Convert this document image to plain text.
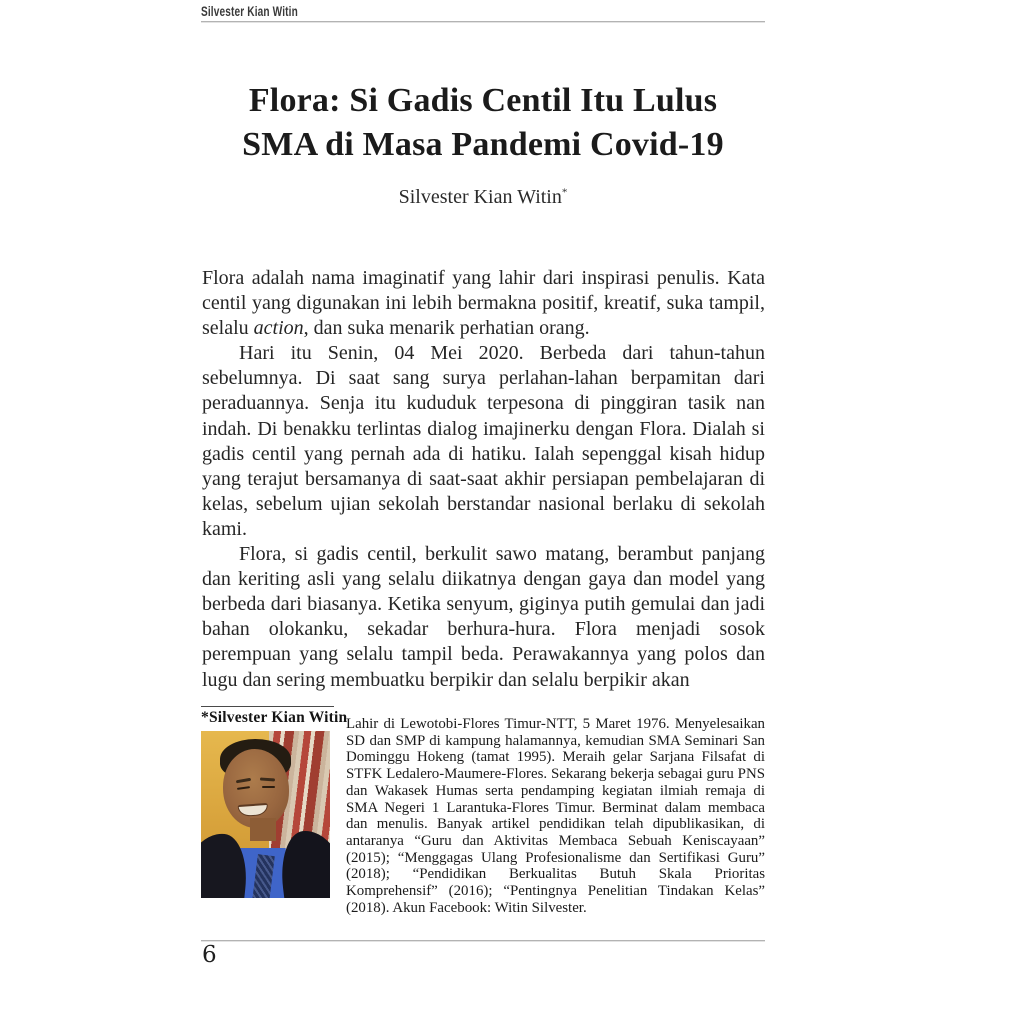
Silvester Kian Witin
Flora: Si Gadis Centil Itu Lulus
SMA di Masa Pandemi Covid-19
Silvester Kian Witin*

Flora adalah nama imaginatif yang lahir dari inspirasi penulis. Kata centil yang digunakan ini lebih bermakna positif, kreatif, suka tampil, selalu action, dan suka menarik perhatian orang.

Hari itu Senin, 04 Mei 2020. Berbeda dari tahun-tahun sebelumnya. Di saat sang surya perlahan-lahan berpamitan dari peraduannya. Senja itu kududuk terpesona di pinggiran tasik nan indah. Di benakku terlintas dialog imajinerku dengan Flora. Dialah si gadis centil yang pernah ada di hatiku. Ialah sepenggal kisah hidup yang terajut bersamanya di saat-saat akhir persiapan pembelajaran di kelas, sebelum ujian sekolah berstandar nasional berlaku di sekolah kami.

Flora, si gadis centil, berkulit sawo matang, berambut panjang dan keriting asli yang selalu diikatnya dengan gaya dan model yang berbeda dari biasanya. Ketika senyum, giginya putih gemulai dan jadi bahan olokanku, sekadar berhura-hura. Flora menjadi sosok perempuan yang selalu tampil beda. Perawakannya yang polos dan lugu dan sering membuatku berpikir dan selalu berpikir akan

*Silvester Kian Witin
Lahir di Lewotobi-Flores Timur-NTT, 5 Maret 1976. Menyelesaikan SD dan SMP di kampung halamannya, kemudian SMA Seminari San Dominggu Hokeng (tamat 1995). Meraih gelar Sarjana Filsafat di STFK Ledalero-Maumere-Flores. Sekarang bekerja sebagai guru PNS dan Wakasek Humas serta pendamping kegiatan ilmiah remaja di SMA Negeri 1 Larantuka-Flores Timur. Berminat dalam membaca dan menulis. Banyak artikel pendidikan telah dipublikasikan, di antaranya “Guru dan Aktivitas Membaca Sebuah Keniscayaan” (2015); “Menggagas Ulang Profesionalisme dan Sertifikasi Guru” (2018); “Pendidikan Berkualitas Butuh Skala Prioritas Komprehensif” (2016); “Pentingnya Penelitian Tindakan Kelas” (2018). Akun Facebook: Witin Silvester.
6
